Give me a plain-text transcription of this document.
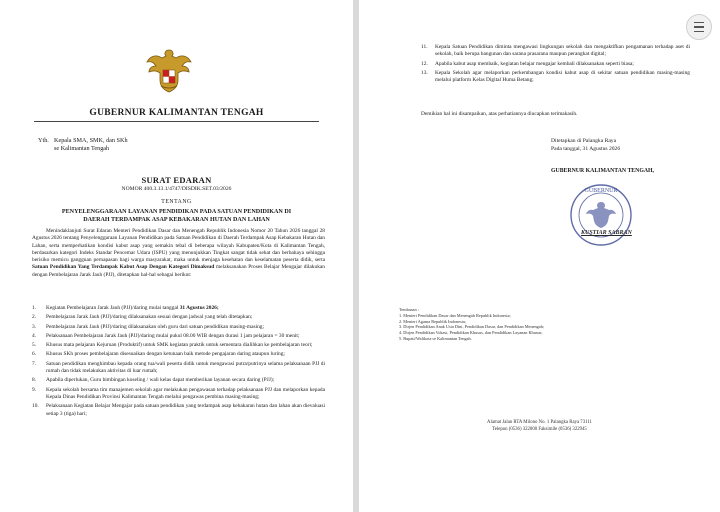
GUBERNUR KALIMANTAN TENGAH
Yth. Kepala SMA, SMK, dan SKh
se Kalimantan Tengah
SURAT EDARAN
NOMOR 400.3.13.1/4747/DISDIK.SET.03/2026
TENTANG
PENYELENGGARAAN LAYANAN PENDIDIKAN PADA SATUAN PENDIDIKAN DI
DAERAH TERDAMPAK ASAP KEBAKARAN HUTAN DAN LAHAN

Menindaklanjuti Surat Edaran Menteri Pendidikan Dasar dan Menengah Republik Indonesia Nomor 20 Tahun 2026 tanggal 28 Agustus 2026 tentang Penyelenggaraan Layanan Pendidikan pada Satuan Pendidikan di Daerah Terdampak Asap Kebakaran Hutan dan Lahan, serta memperhatikan kondisi kabut asap yang semakin tebal di beberapa wilayah Kabupaten/Kota di Kalimantan Tengah, berdasarkan kategori Indeks Standar Pencemar Udara (ISPU) yang menunjukkan Tingkat sangat tidak sehat dan berbahaya sehingga berisiko memicu gangguan pernapasan bagi warga masyarakat, maka untuk menjaga kesehatan dan keselamatan peserta didik, serta Satuan Pendidikan Yang Terdampak Kabut Asap Dengan Kategori Dimaksud melaksanakan Proses Belajar Mengajar dilakukan dengan Pembelajaran Jarak Jauh (PJJ), ditetapkan hal-hal sebagai berikut:

1.	Kegiatan Pembelajaran Jarak Jauh (PJJ)/daring mulai tanggal 31 Agustus 2026;
2.	Pembelajaran Jarak Jauh (PJJ)/daring dilaksanakan sesuai dengan jadwal yang telah ditetapkan;
3.	Pembelajaran Jarak Jauh (PJJ)/daring dilaksanakan oleh guru dari satuan pendidikan masing-masing;
4.	Pelaksanaan Pembelajaran Jarak Jauh (PJJ)/daring mulai pukul 08.00 WIB dengan durasi 1 jam pelajaran = 30 menit;
5.	Khusus mata pelajaran Kejuruan (Produktif) untuk SMK kegiatan praktik untuk sementara dialihkan ke pembelajaran teori;
6.	Khusus SKh proses pembelajaran disesuaikan dengan ketunaan baik metode pengajaran daring ataupun luring;
7.	Satuan pendidikan menghimbau kepada orang tua/wali peserta didik untuk mengawasi putra/putrinya selama pelaksanaan PJJ di rumah dan tidak melakukan aktivitas di luar rumah;
8.	Apabila diperlukan, Guru bimbingan koseling / wali kelas dapat memberikan layanan secara daring (PJJ);
9.	Kepala sekolah bersama tim manajemen sekolah agar melakukan pengawasan terhadap pelaksanaan PJJ dan melaporkan kepada Kepala Dinas Pendidikan Provinsi Kalimantan Tengah melalui pengawas pembina masing-masing;
10.	Pelaksanaan Kegiatan Belajar Mengajar pada satuan pendidikan yang terdampak asap kebakaran hutan dan lahan akan dievaluasi setiap 3 (tiga) hari;
11.	Kepala Satuan Pendidikan diminta mengawasi lingkungan sekolah dan mengaktifkan pengamanan terhadap aset di sekolah, baik berupa bangunan dan sarana prasarana maupun perangkat digital;
12.	Apabila kabut asap membaik, kegiatan belajar mengajar kembali dilaksanakan seperti biasa;
13.	Kepala Sekolah agar melaporkan perkembangan kondisi kabut asap di sekitar satuan pendidikan masing-masing melalui platform Kelas Digital Huma Betang;
Demikian hal ini disampaikan, atas perhatiannya diucapkan terimakasih.
Ditetapkan di Palangka Raya
Pada tanggal, 31 Agustus 2026
GUBERNUR KALIMANTAN TENGAH,
GUBERNUR
KUSTIAR SABRAN
Tembusan :
1. Menteri Pendidikan Dasar dan Menengah Republik Indonesia;
2. Menteri Agama Republik Indonesia;
3. Dirjen Pendidikan Anak Usia Dini, Pendidikan Dasar, dan Pendidikan Menengah;
4. Dirjen Pendidikan Vokasi, Pendidikan Khusus, dan Pendidikan Layanan Khusus;
5. Bupati/Walikota se Kalimantan Tengah.
Alamat Jalan RTA Milono No. 1 Palangka Raya 73111
Telepon (0536) 322000 Faksimile (0536) 322945
